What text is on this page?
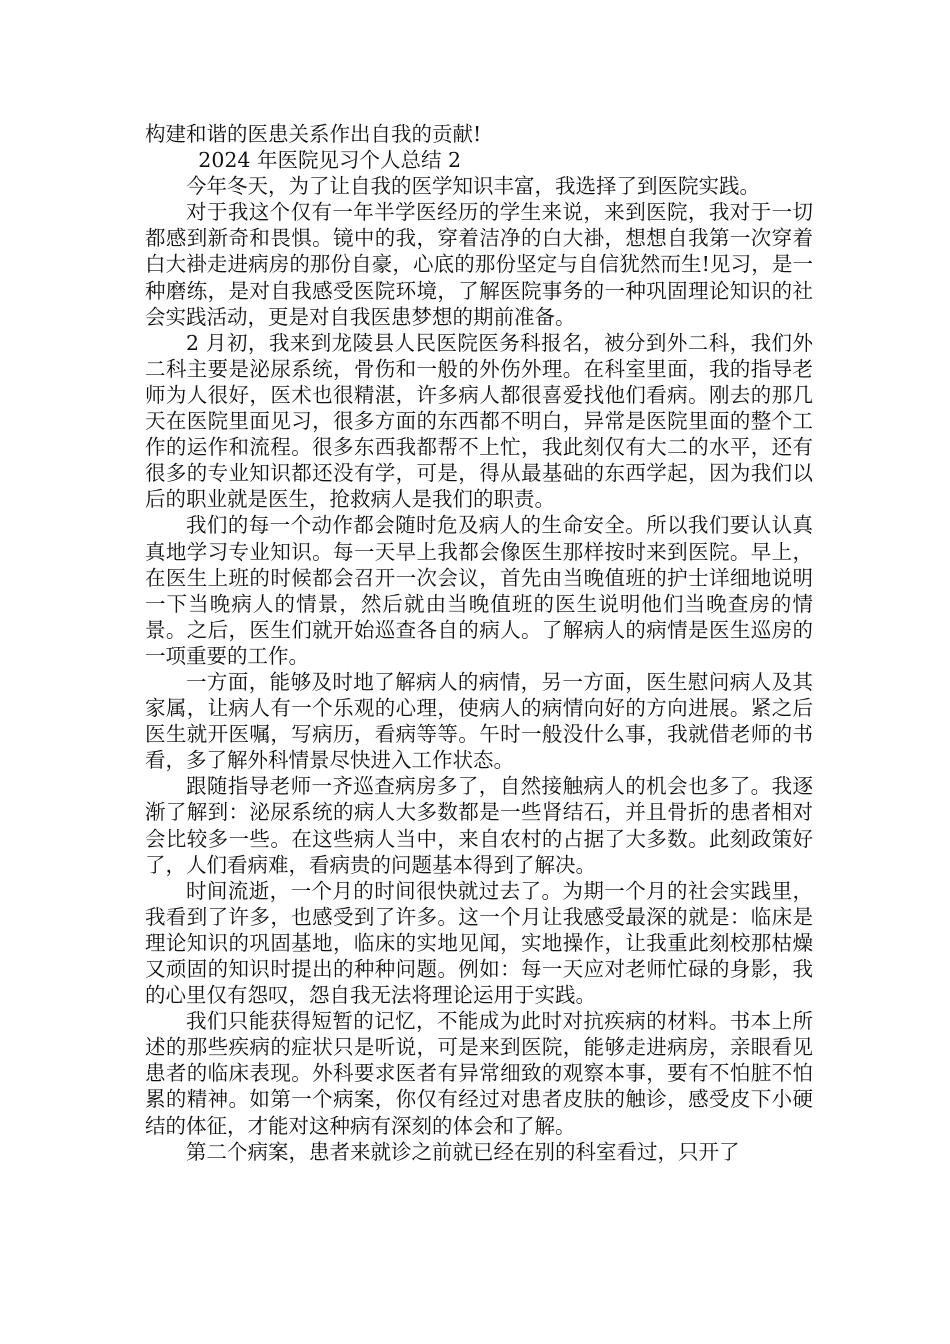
构建和谐的医患关系作出自我的贡献!

2024 年医院见习个人总结 2

今年冬天，为了让自我的医学知识丰富，我选择了到医院实践。

对于我这个仅有一年半学医经历的学生来说，来到医院，我对于一切都感到新奇和畏惧。镜中的我，穿着洁净的白大褂，想想自我第一次穿着白大褂走进病房的那份自豪，心底的那份坚定与自信犹然而生!见习，是一种磨练，是对自我感受医院环境，了解医院事务的一种巩固理论知识的社会实践活动，更是对自我医患梦想的期前准备。

2 月初，我来到龙陵县人民医院医务科报名，被分到外二科，我们外二科主要是泌尿系统，骨伤和一般的外伤外理。在科室里面，我的指导老师为人很好，医术也很精湛，许多病人都很喜爱找他们看病。刚去的那几天在医院里面见习，很多方面的东西都不明白，异常是医院里面的整个工作的运作和流程。很多东西我都帮不上忙，我此刻仅有大二的水平，还有很多的专业知识都还没有学，可是，得从最基础的东西学起，因为我们以后的职业就是医生，抢救病人是我们的职责。

我们的每一个动作都会随时危及病人的生命安全。所以我们要认认真真地学习专业知识。每一天早上我都会像医生那样按时来到医院。早上，在医生上班的时候都会召开一次会议，首先由当晚值班的护士详细地说明一下当晚病人的情景，然后就由当晚值班的医生说明他们当晚查房的情景。之后，医生们就开始巡查各自的病人。了解病人的病情是医生巡房的一项重要的工作。

一方面，能够及时地了解病人的病情，另一方面，医生慰问病人及其家属，让病人有一个乐观的心理，使病人的病情向好的方向进展。紧之后医生就开医嘱，写病历，看病等等。午时一般没什么事，我就借老师的书看，多了解外科情景尽快进入工作状态。

跟随指导老师一齐巡查病房多了，自然接触病人的机会也多了。我逐渐了解到：泌尿系统的病人大多数都是一些肾结石，并且骨折的患者相对会比较多一些。在这些病人当中，来自农村的占据了大多数。此刻政策好了，人们看病难，看病贵的问题基本得到了解决。

时间流逝，一个月的时间很快就过去了。为期一个月的社会实践里，我看到了许多，也感受到了许多。这一个月让我感受最深的就是：临床是理论知识的巩固基地，临床的实地见闻，实地操作，让我重此刻校那枯燥又顽固的知识时提出的种种问题。例如：每一天应对老师忙碌的身影，我的心里仅有怨叹，怨自我无法将理论运用于实践。

我们只能获得短暂的记忆，不能成为此时对抗疾病的材料。书本上所述的那些疾病的症状只是听说，可是来到医院，能够走进病房，亲眼看见患者的临床表现。外科要求医者有异常细致的观察本事，要有不怕脏不怕累的精神。如第一个病案，你仅有经过对患者皮肤的触诊，感受皮下小硬结的体征，才能对这种病有深刻的体会和了解。

第二个病案，患者来就诊之前就已经在别的科室看过，只开了
